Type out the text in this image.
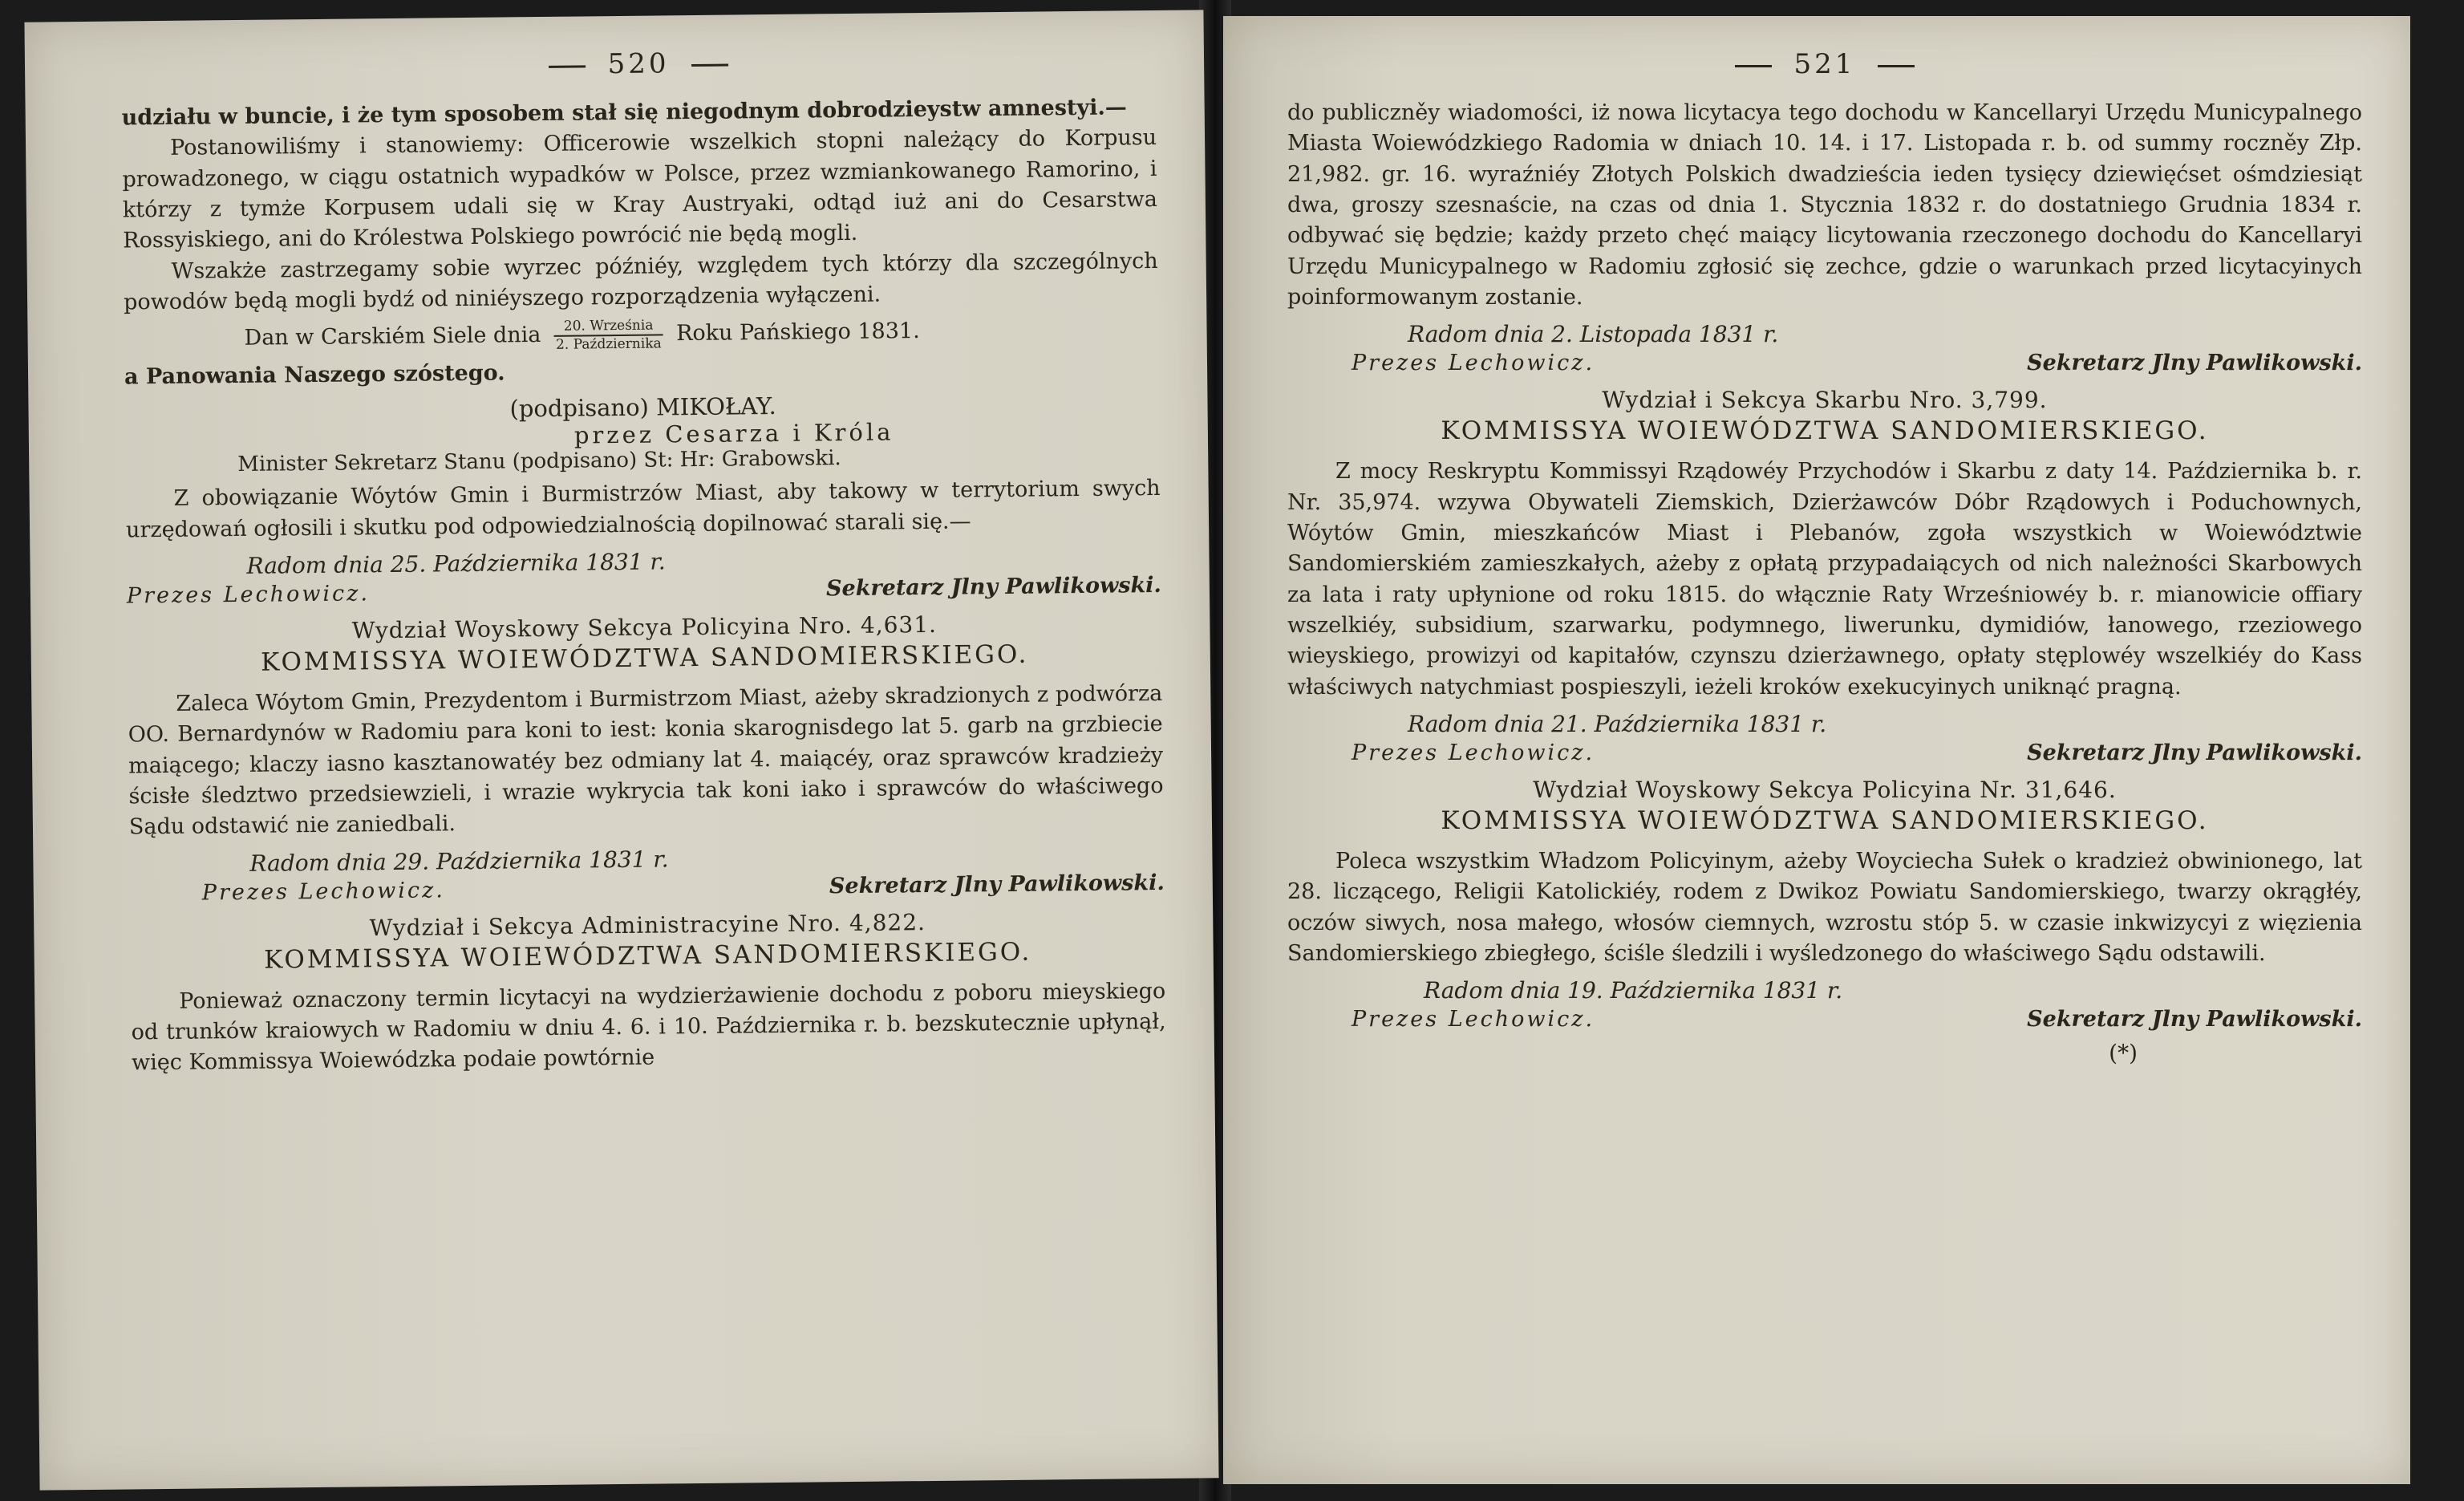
520

udziału w buncie, i że tym sposobem stał się niegodnym dobrodzieystw amnestyi.—

Postanowiliśmy i stanowiemy: Officerowie wszelkich stopni należący do Korpusu prowadzonego, w ciągu ostatnich wypadków w Polsce, przez wzmiankowanego Ramorino, i którzy z tymże Korpusem udali się w Kray Austryaki, odtąd iuż ani do Cesarstwa Rossyiskiego, ani do Królestwa Polskiego powrócić nie będą mogli.

Wszakże zastrzegamy sobie wyrzec późniéy, względem tych którzy dla szczególnych powodów będą mogli bydź od niniéyszego rozporządzenia wyłączeni.

Dan w Carskiém Siele dnia $\frac{\text{20. Września}}{\text{2. Października}}$ Roku Pańskiego 1831.

a Panowania Naszego szóstego.

(podpisano) MIKOŁAY.
przez Cesarza i Króla
Minister Sekretarz Stanu (podpisano) St: Hr: Grabowski.

Z obowiązanie Wóytów Gmin i Burmistrzów Miast, aby takowy w terrytorium swych urzędowań ogłosili i skutku pod odpowiedzialnością dopilnować starali się.—

Radom dnia 25. Października 1831 r.
Prezes Lechowicz.	Sekretarz Jlny Pawlikowski.
Wydział Woyskowy Sekcya Policyina Nro. 4,631.
KOMMISSYA WOIEWÓDZTWA SANDOMIERSKIEGO.

Zaleca Wóytom Gmin, Prezydentom i Burmistrzom Miast, ażeby skradzionych z podwórza OO. Bernardynów w Radomiu para koni to iest: konia skarognisdego lat 5. garb na grzbiecie maiącego; klaczy iasno kasztanowatéy bez odmiany lat 4. maiącéy, oraz sprawców kradzieży ścisłe śledztwo przedsiewzieli, i wrazie wykrycia tak koni iako i sprawców do właściwego Sądu odstawić nie zaniedbali.

Radom dnia 29. Października 1831 r.
Prezes Lechowicz.	Sekretarz Jlny Pawlikowski.
Wydział i Sekcya Administracyine Nro. 4,822.
KOMMISSYA WOIEWÓDZTWA SANDOMIERSKIEGO.

Ponieważ oznaczony termin licytacyi na wydzierżawienie dochodu z poboru mieyskiego od trunków kraiowych w Radomiu w dniu 4. 6. i 10. Października r. b. bezskutecznie upłynął, więc Kommissya Woiewódzka podaie powtórnie

521

do publiczněy wiadomości, iż nowa licytacya tego dochodu w Kancellaryi Urzędu Municypalnego Miasta Woiewódzkiego Radomia w dniach 10. 14. i 17. Listopada r. b. od summy roczněy Złp. 21,982. gr. 16. wyraźniéy Złotych Polskich dwadzieścia ieden tysięcy dziewięćset ośmdziesiąt dwa, groszy szesnaście, na czas od dnia 1. Stycznia 1832 r. do dostatniego Grudnia 1834 r. odbywać się będzie; każdy przeto chęć maiący licytowania rzeczonego dochodu do Kancellaryi Urzędu Municypalnego w Radomiu zgłosić się zechce, gdzie o warunkach przed licytacyinych poinformowanym zostanie.

Radom dnia 2. Listopada 1831 r.
Prezes Lechowicz.	Sekretarz Jlny Pawlikowski.
Wydział i Sekcya Skarbu Nro. 3,799.
KOMMISSYA WOIEWÓDZTWA SANDOMIERSKIEGO.

Z mocy Reskryptu Kommissyi Rządowéy Przychodów i Skarbu z daty 14. Października b. r. Nr. 35,974. wzywa Obywateli Ziemskich, Dzierżawców Dóbr Rządowych i Poduchownych, Wóytów Gmin, mieszkańców Miast i Plebanów, zgoła wszystkich w Woiewództwie Sandomierskiém zamieszkałych, ażeby z opłatą przypadaiących od nich należności Skarbowych za lata i raty upłynione od roku 1815. do włącznie Raty Wrześniowéy b. r. mianowicie offiary wszelkiéy, subsidium, szarwarku, podymnego, liwerunku, dymidiów, łanowego, rzeziowego wieyskiego, prowizyi od kapitałów, czynszu dzierżawnego, opłaty stęplowéy wszelkiéy do Kass właściwych natychmiast pospieszyli, ieżeli kroków exekucyinych uniknąć pragną.

Radom dnia 21. Października 1831 r.
Prezes Lechowicz.	Sekretarz Jlny Pawlikowski.
Wydział Woyskowy Sekcya Policyina Nr. 31,646.
KOMMISSYA WOIEWÓDZTWA SANDOMIERSKIEGO.

Poleca wszystkim Władzom Policyinym, ażeby Woyciecha Sułek o kradzież obwinionego, lat 28. liczącego, Religii Katolickiéy, rodem z Dwikoz Powiatu Sandomierskiego, twarzy okrągłéy, oczów siwych, nosa małego, włosów ciemnych, wzrostu stóp 5. w czasie inkwizycyi z więzienia Sandomierskiego zbiegłego, ściśle śledzili i wyśledzonego do właściwego Sądu odstawili.

Radom dnia 19. Października 1831 r.
Prezes Lechowicz.	Sekretarz Jlny Pawlikowski.
(*)
